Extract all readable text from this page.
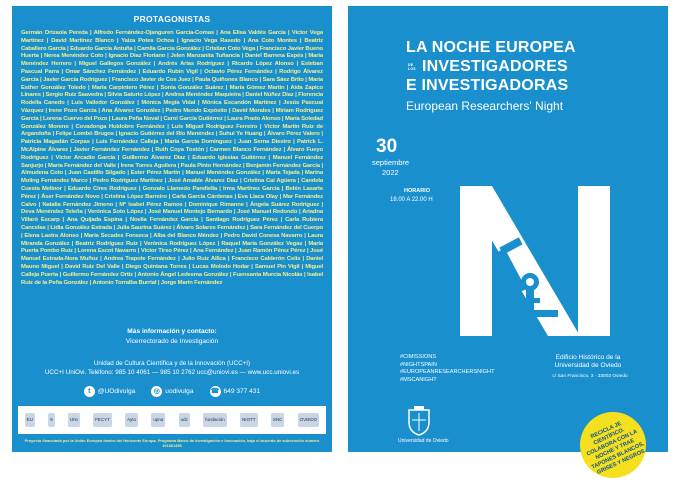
PROTAGONISTAS
Germán Orizaola Pereda | Alfredo Fernández-Ojanguren García-Comas | Ana Elisa Valdés García | Víctor Vega Martínez | David Martínez Blanco | Yaiza Potes Ochoa | Ignacio Vega Rasedo | Ana Coto Montes | Beatriz Caballero García | Eduardo García Antuña | Camila García González | Cristian Coto Vega | Francisco Javier Bueno Huerta | Nerea Menéndez Coto | Ignacio Díaz Floriano | Jelen Manzanita Tuñancia | Daniel Barrena Espés | María Menéndez Herrero | Miguel Gallegos González | Andrés Arias Rodríguez | Ricardo López Alonso | Esteban Pascual Parra | Omar Sánchez Fernández | Eduardo Rubín Vigil | Octavio Pérez Fernández | Rodrigo Álvarez García | Javier García Rodríguez | Francisco Javier de Cos Juez | Paula Quiñones Blanco | Sara Sáez Brito | María Esther González Toledo | María Carpintero Pérez | Sonia González Suárez | María Gómez Martín | Aída Zapico Linares | Sergio Ruiz Saavedra | Silvia Saturio López | Andrea Menéndez Maquieira | Daniel Núñez Díaz | Florencia Rodella Canedo | Luis Valledor González | Mónica Megía Vidal | Mónica Escandón Martínez | Jesús Pascual Vázquez | Irene Pozo García | Ana Álvarez González | Pedro Mendo Expósito | David Morales | Miriam Rodríguez García | Lorena Cuervo del Pozo | Laura Peña Noval | Carol García Gutiérrez | Laura Prado Alonso | María Soledad González Moreno | Covadonga Huidobro Fernández | Luis Miguel Rodríguez Ferreiro | Víctor Martín Ruiz de Argandoña | Felipe Lombó Brugos | Ignacio Gutiérrez del Río Menéndez | Suhui Ye Huang | Álvaro Pérez Valero | Patricia Magadán Corpas | Luis Fernández Calleja | María García Domínguez | Juan Serna Diestro | Patrick L. McAlpine Álvarez | Javier Fernández Fernández | Ruth Coya Tostón | Carmen Blanco Fernández | Álvaro Fueyo Rodríguez | Víctor Arcadio García | Guillermo Álvarez Díaz | Eduardo Iglesias Gutiérrez | Manuel Fernández Sanjurjo | María Fernández del Valle | Irene Torres Aguilera | Paula Pinto Hernández | Benjamín Fernández García | Almudena Coto | Juan Castillo Silgado | Ester Pérez Martín | Manuel Menéndez González | María Tejada | Marina Moling Fernández Marco | Pedro Rodríguez Martínez | José Amable Álvarez Díaz | Cristina Cal Agüera | Candela Cuesta Melinor | Eduardo Cires Rodríguez | Gonzalo Llamedo Pandiella | Irma Martínez García | Belén Lasarte Pérez | Áser Fernández Novo | Cristina López Barreiro | Carla García Cárdenas | Eva Llaca Olay | Mar Fernández Calvo | Natalia Fernández Jimeno | Mª Isabel Pérez Ramos | Dominique Rimanne | Ángela Suárez Rodríguez | Deva Menéndez Teleña | Verónica Soto López | José Manuel Montejo Bernardo | José Manuel Redondo | Ariadna Villaró Escarp | Ana Quijada Espina | Noelia Fernández García | Santiago Rodríguez Pérez | Carla Rubiera Cancelas | Lidia González Estrada | Julia Saurina Suárez | Álvaro Solares Fernández | Sara Fernández del Cuerpo | Elena Lastra Alonso | María Secades Fonseca | Alba del Blanco Méndez | Pedro David Conesa Navarro | Laura Miranda González | Beatriz Rodríguez Ruiz | Verónica Rodríguez López | Raquel María González Vegas | María Puerta Pombo Ruiz | Lorena Escot Navarro | Víctor Tirso Pérez | Ana Fernández | Juan Ramón Pérez Pérez | José Manuel Estrada-Nora Muñoz | Andrea Trapote Fernández | Julio Ruiz Allica | Francisco Calderón Celis | Daniel Mauno Miguel | David Ruiz Del Valle | Diego Quintana Torres | Lucas Molodo Hodar | Samuel Pin Vigil | Miguel Calleja Puerta | Guillermo Fernández Ortiz | Antonio Ángel Ledesma González | Fuensanta Murcia Nicolás | Isabel Ruiz de la Peña González | Antonio Torralba Burrial | Jorge Marín Fernández
Más información y contacto:
Vicerrectorado de Investigación
Unidad de Cultura Científica y de la Innovación (UCC+I)
UCC+I UniOvi. Teléfono: 985 10 4061 — 985 10 2762 ucc@uniovi.es — www.ucc.uniovi.es
t	@UOdivulga	◎ uodivulga ☎ 649 377 431
EU	9	UNI	FECYT	Ayto	upna	udc	fundación	NIOTT	SNC	OVIEDO
Proyecto financiado por la Unión Europea dentro del Horizonte Europa. Programa Marco de Investigación e Innovación, bajo el acuerdo de subvención número 101061455
LA NOCHE EUROPEA
DE LOS INVESTIGADORES
E INVESTIGADORAS
European Researchers' Night
30
septiembre
2022
HORARIO
18.00 A 22.00 H
#CIMISSIONS
#NIGHTSPAIN
#EUROPEANRESEARCHERSNIGHT
#MSCANIGHT
Edificio Histórico de la Universidad de Oviedo
c/ San Francisco, 3 · 33003 Oviedo
Universidad de Oviedo
RECICLA JE CIENTÍFICO. COLABORA CON LA NOCHE Y TRAE TAPONES BLANCOS, GRISES Y NEGROS
